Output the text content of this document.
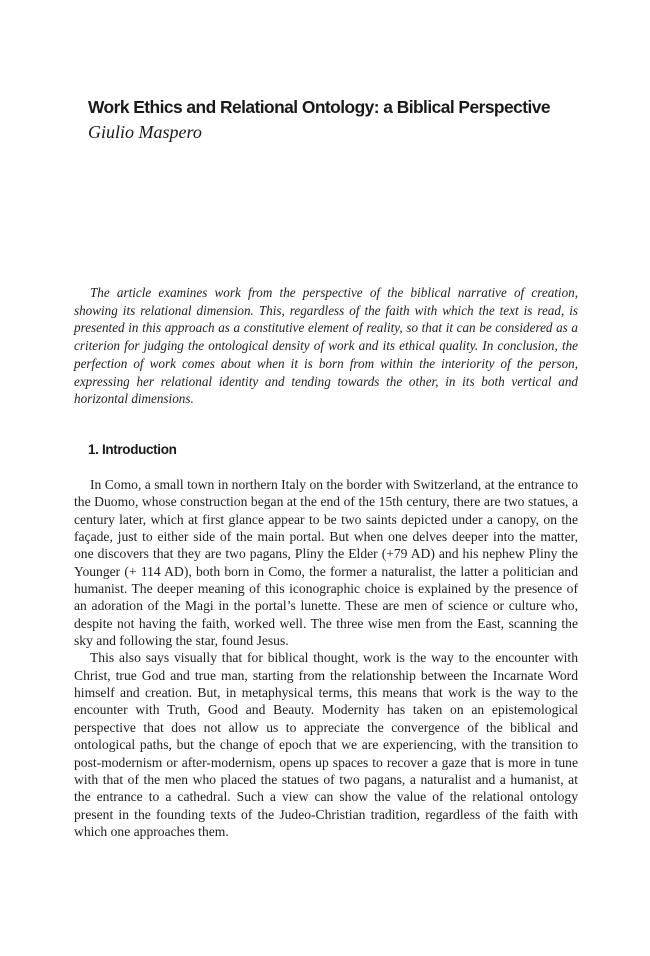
Work Ethics and Relational Ontology: a Biblical Perspective
Giulio Maspero

The article examines work from the perspective of the biblical narrative of creation, showing its relational dimension. This, regardless of the faith with which the text is read, is presented in this approach as a constitutive element of reality, so that it can be considered as a criterion for judging the ontological density of work and its ethical quality. In conclusion, the perfection of work comes about when it is born from within the interiority of the person, expressing her relational identity and tending towards the other, in its both vertical and horizontal dimensions.

1. Introduction

In Como, a small town in northern Italy on the border with Switzerland, at the entrance to the Duomo, whose construction began at the end of the 15th century, there are two statues, a century later, which at first glance appear to be two saints depicted under a canopy, on the façade, just to either side of the main portal. But when one delves deeper into the matter, one discovers that they are two pagans, Pliny the Elder (+79 AD) and his nephew Pliny the Younger (+ 114 AD), both born in Como, the former a naturalist, the latter a politician and humanist. The deeper meaning of this iconographic choice is explained by the presence of an adoration of the Magi in the portal’s lunette. These are men of science or culture who, despite not having the faith, worked well. The three wise men from the East, scanning the sky and following the star, found Jesus.

This also says visually that for biblical thought, work is the way to the encounter with Christ, true God and true man, starting from the relationship between the Incarnate Word himself and creation. But, in metaphysical terms, this means that work is the way to the encounter with Truth, Good and Beauty. Modernity has taken on an epistemological perspective that does not allow us to appreciate the convergence of the biblical and ontological paths, but the change of epoch that we are experiencing, with the transition to post-modernism or after-modernism, opens up spaces to recover a gaze that is more in tune with that of the men who placed the statues of two pagans, a naturalist and a humanist, at the entrance to a cathedral. Such a view can show the value of the relational ontology present in the founding texts of the Judeo-Christian tradition, regardless of the faith with which one approaches them.
